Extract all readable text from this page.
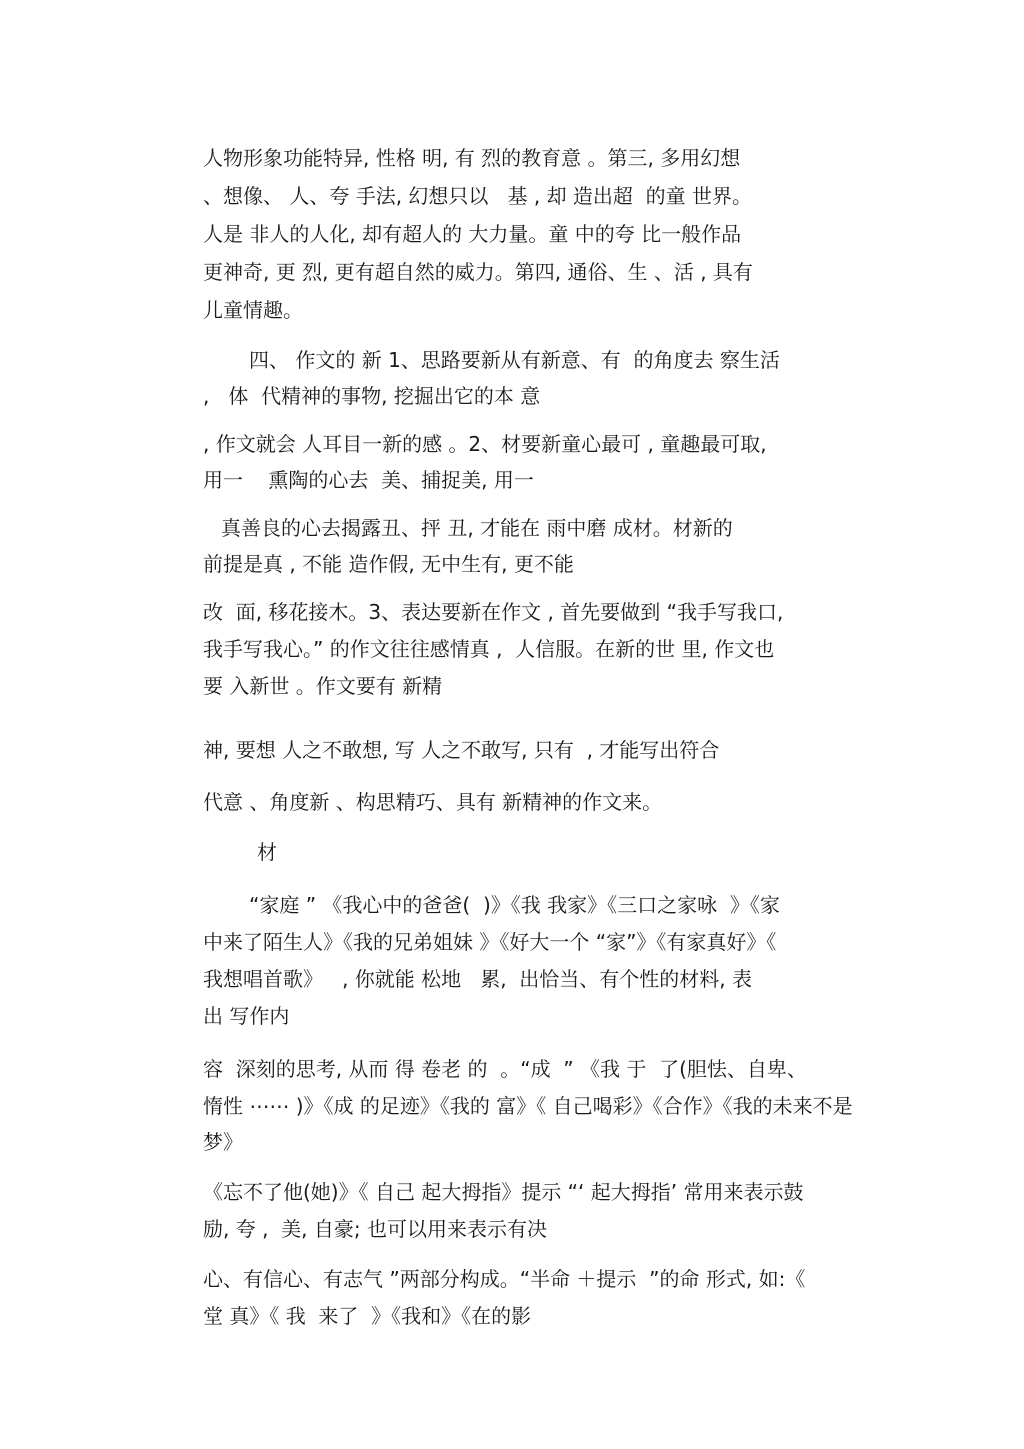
人物形象功能特异, 性格 明, 有 烈的教育意 。第三, 多用幻想
、想像、 人、夸 手法, 幻想只以   基 , 却 造出超  的童 世界。
人是 非人的人化, 却有超人的 大力量。童 中的夸 比一般作品
更神奇, 更 烈, 更有超自然的威力。第四, 通俗、生 、活 , 具有
儿童情趣。
四、 作文的 新 1、思路要新从有新意、有  的角度去 察生活
,   体  代精神的事物, 挖掘出它的本 意
, 作文就会 人耳目一新的感 。2、材要新童心最可 , 童趣最可取,
用一    熏陶的心去  美、捕捉美, 用一
真善良的心去揭露丑、抨 丑, 才能在 雨中磨 成材。材新的
前提是真 , 不能 造作假, 无中生有, 更不能
改  面, 移花接木。3、表达要新在作文 , 首先要做到 “我手写我口,
我手写我心。” 的作文往往感情真 ,  人信服。在新的世 里, 作文也
要 入新世 。作文要有 新精
神, 要想 人之不敢想, 写 人之不敢写, 只有  , 才能写出符合
代意 、角度新 、构思精巧、具有 新精神的作文来。
材
“家庭 ” 《我心中的爸爸(  )》《我 我家》《三口之家咏  》《家
中来了陌生人》《我的兄弟姐妹 》《好大一个 “家”》《有家真好》《
我想唱首歌》   , 你就能 松地   累,  出恰当、有个性的材料, 表
出 写作内
容  深刻的思考, 从而 得 卷老 的  。“成  ” 《我 于  了(胆怯、自卑、
惰性 ⋯⋯ )》《成 的足迹》《我的 富》《 自己喝彩》《合作》《我的未来不是
梦》
《忘不了他(她)》《 自己 起大拇指》提示 “‘ 起大拇指’ 常用来表示鼓
励, 夸 ,  美, 自豪; 也可以用来表示有决
心、有信心、有志气 ”两部分构成。“半命 ＋提示  ”的命 形式, 如:《
堂 真》《 我  来了  》《我和》《在的影
